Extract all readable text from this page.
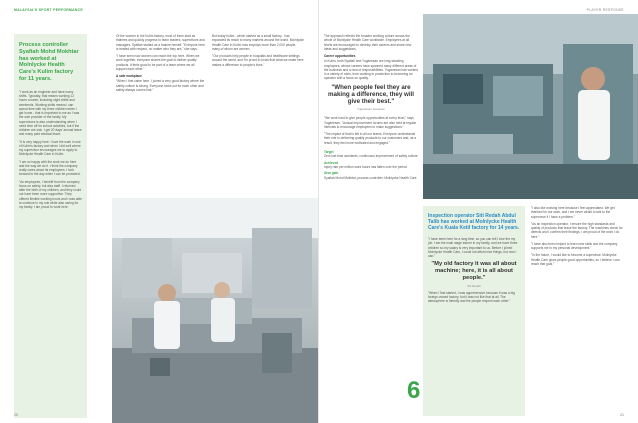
MALAYSIA'S SPORT PERFORMANCE
Process controller Syafiah Mohd Mokhtar has worked at Molnlycke Health Care's Kulim factory for 11 years.

"I work as an engineer and have many shifts. Typically, that means working 12 hours a week, including night shifts and weekends. Working shifts means I can spend time with my three children when I get home - that is important to me as I was the sole provider of the family. My supervisors is also understanding when I need time off for school activities, but if the children are sick, I get 20 days' annual leave and many paid medical leave.

"It is very happy here. I love the work in one of Kulim's factory and when I did well where my supervisor encourages me to apply to Molnlycke Health Care in Kulim.

"I am so happy with the work we do here and the way we do it. I think the company really cares about its employees. I look forward to the day when I can be promoted.

"As employees, I benefit from the company focus on safety, but also staff. I returned after the birth of my children, and they could not have been more supportive. They offered flexible working hours and I was able to continue in my role while also caring for my family. I am proud to work here.

Of the women in the Kulim factory, most of them start as trainees and quickly progress to team leaders, supervisors and managers. Syafiah started as a trainee herself. "Everyone here is treated with respect, no matter who they are," she says.

"I have seen how women can reach the top here. When we work together, everyone shares the goal to deliver quality products. It feels good to be part of a team where we all support each other."

A safe workplace

"When I first came here, I joined a very good factory where the safety culture is strong. Everyone looks out for each other and safety always comes first."

But today Kulim - which started as a small factory - has expanded its reach to many markets around the world. Molnlycke Health Care in Kulim now employs more than 2,000 people, many of whom are women.

"Our products help people in hospitals and healthcare settings around the world, and I'm proud to know that what we make here makes a difference to people's lives."

20
PLAYER RESPONSE

The approach reflects the broader working culture across the whole of Molnlycke Health Care worldwide. Employees at all levels are encouraged to develop their careers and share new ideas and suggestions.

Career opportunities

In Kulim, both Syafiah and Yuganesan are long-standing employees, whose careers have spanned many different areas of the business and a host of responsibilities. Yuganesan has worked in a variety of roles, from working in production to becoming an operator with a focus on quality.

"When people feel they are making a difference, they will give their best."
Yuganesan Ganesan

"We work hard to give people opportunities at every level," says Yuganesan. "Annual improvement forums are also held at regular intervals to encourage employees to make suggestions."

"The impact of that is felt in all our teams. Everyone understands their role in delivering quality products to our customers and, as a result, they feel more motivated and engaged."

Target
Zero lost time accidents, continuous improvement of safety culture
Achieved
Injury rate per million work hours has fallen over the period
Also gain
Syafiah Mohd Mokhtar, process controller; Molnlycke Health Care
6
Inspection operator Siti Redah Abdul Talib has worked at Molnlycke Health Care's Kuala Ketil factory for 14 years.

"I have been here for a long time, so you can tell I love the my job. I am the main wage earner in my family, and we have three children so my salary is very important to us. Before I joined Molnlycke Health Care, I could not afford nice things, but now I can."

"My old factory it was all about machine; here, it is all about people."
Siti Redah

"When I first started, I was apprehensive because it was a big foreign-owned factory, but it was not like that at all. The atmosphere is friendly and the people respect each other."

"I also like working here because I feel appreciated. We get thanked for our work, and I am never afraid to talk to the supervisor if I have a problem."

"As an inspection operator, I ensure the high standards and quality of products that leave the factory. The machines check for defects and I confirm their findings. I am proud of the work I do here."

"I have also been helped to learn new skills and the company supports me in my personal development."

"In the future, I would like to become a supervisor. Molnlycke Health Care gives people good opportunities, so I believe I can reach that goal."

21
